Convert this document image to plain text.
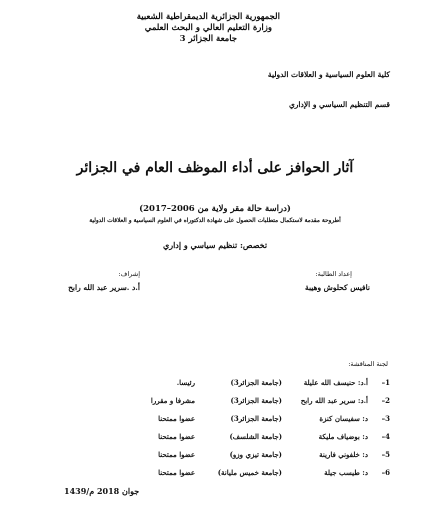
الجمهورية الجزائرية الديمقراطية الشعبية
وزارة التعليم العالي و البحث العلمي
جامعة الجزائر 3
كلية العلوم السياسية و العلاقات الدولية
قسم التنظيم السياسي و الإداري
آثار الحوافز على أداء الموظف العام في الجزائر
(دراسة حالة مقر ولاية من 2006–2017)
أطروحة مقدمة لاستكمال متطلبات الحصول على شهادة الدكتوراه في العلوم السياسية و العلاقات الدولية
تخصص: تنظيم سياسي و إداري
إعداد الطالبة:
إشراف:
نافيس كحلوش وهيبة
أ.د .سرير عبد الله رابح
لجنة المناقشة:
1–
أ.د: حنيسف الله عليلة
(جامعة الجزائر3)
رئيسا.
2–
أ.د: سرير عبد الله رابح
(جامعة الجزائر3)
مشرفا و مقررا
3–
د: سفيسان كنزة
(جامعة الجزائر3)
عضوا ممتحنا
4–
د: بوضياف مليكة
(جامعة الشلسف)
عضوا ممتحنا
5–
د: خلفوني فارينة
(جامعة تيزي وزو)
عضوا ممتحنا
6–
د: طيسب جيلة
(جامعة خميس مليانة)
عضوا ممتحنا
جوان 2018 م/1439
